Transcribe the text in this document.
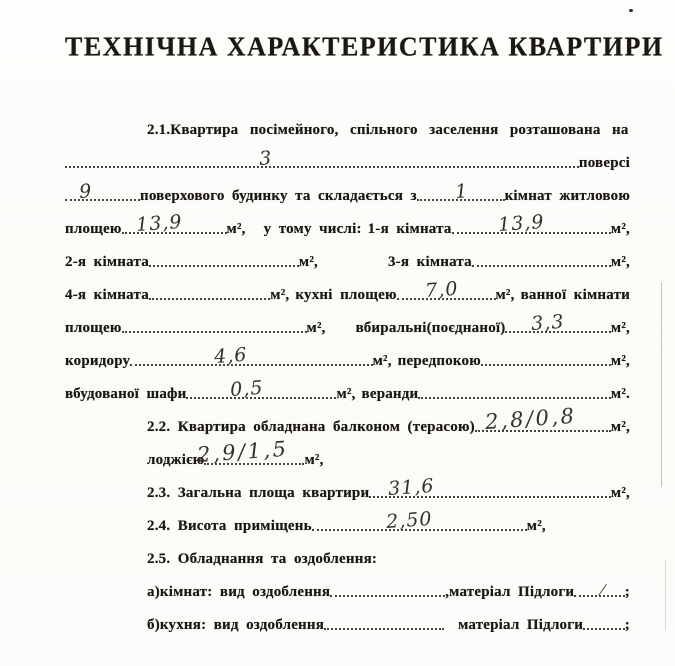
ТЕХНІЧНА ХАРАКТЕРИСТИКА КВАРТИРИ
2.1.Квартира посімейного, спільного заселення розташована на
3	поверсі
9	поверхового будинку та складається з 1 кімнат житловою
площею 13,9	м², у тому числі: 1-я кімната 13,9	м²,
2-я кімната	м²,	3-я кімната	м²,
4-я кімната	м², кухні площею 7,0 м², ванної кімнати
площею	м², вбиральні(поєднаної) 3,3	м²,
коридору	4,6	м², передпокою	м²,
вбудованої шафи 0,5	м², веранди	м².
2.2. Квартира обладнана балконом (терасою) 2,8/0,8 м²,
лоджією
2,9/1,5 м²,
2.3. Загальна площа квартири 31,6	м²,
2.4. Висота приміщень	2,50	м²,
2.5. Обладнання та оздоблення:
а)кімнат: вид оздоблення	,матеріал Підлоги ⁄ ;
б)кухня: вид оздоблення	матеріал Підлоги	;
